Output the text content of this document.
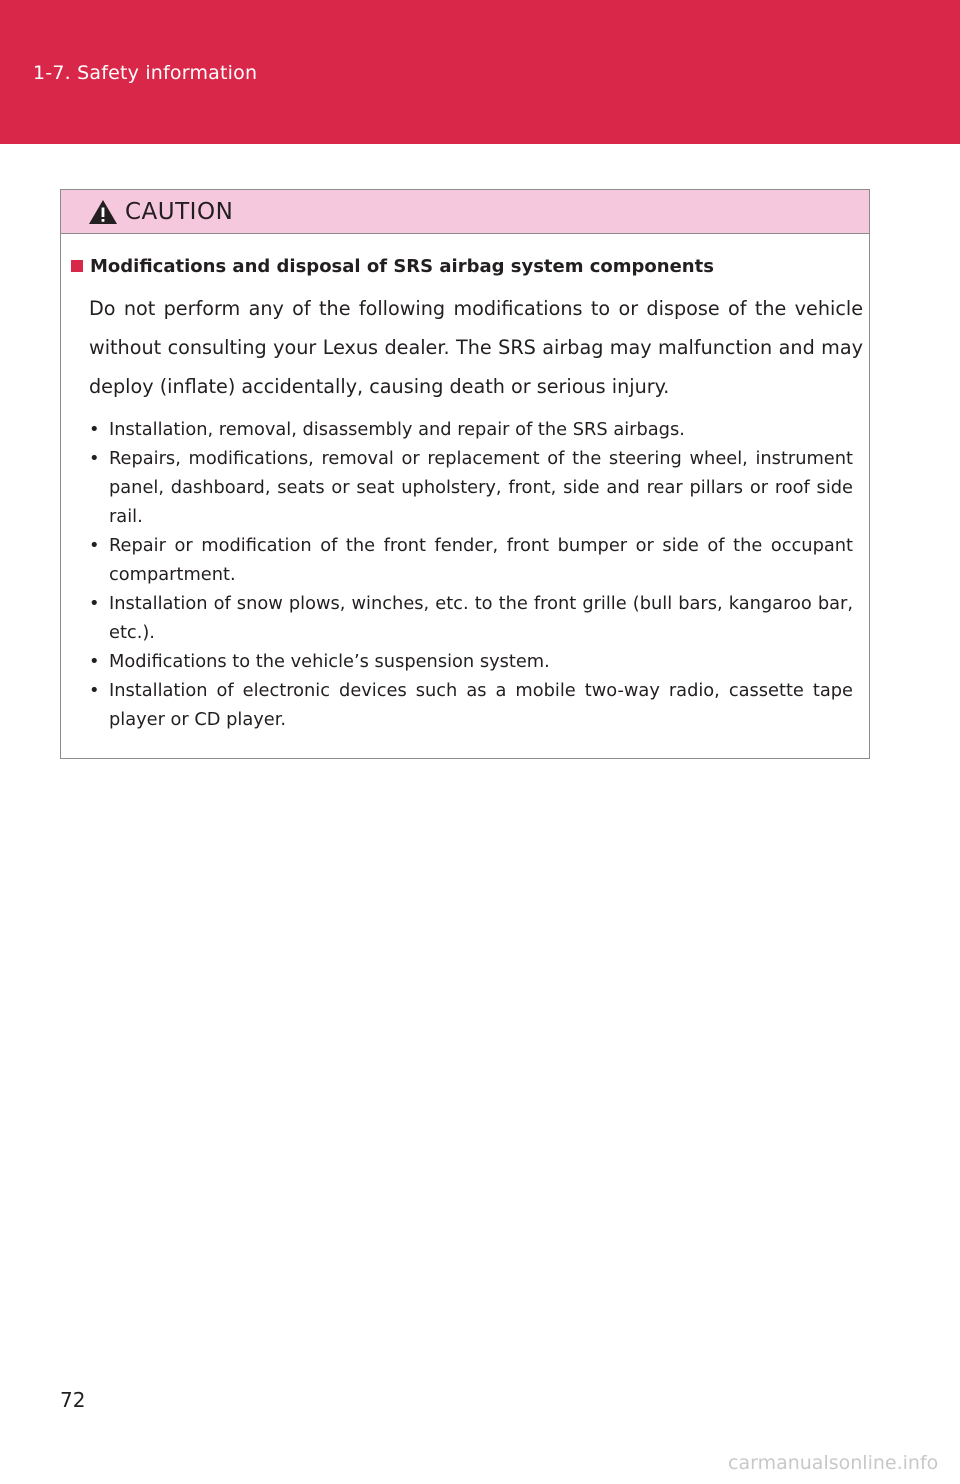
1-7. Safety information
CAUTION
Modifications and disposal of SRS airbag system components

Do not perform any of the following modifications to or dispose of the vehicle without consulting your Lexus dealer. The SRS airbag may malfunction and may deploy (inflate) accidentally, causing death or serious injury.

• Installation, removal, disassembly and repair of the SRS airbags.
• Repairs, modifications, removal or replacement of the steering wheel, instrument panel, dashboard, seats or seat upholstery, front, side and rear pillars or roof side rail.
• Repair or modification of the front fender, front bumper or side of the occupant compartment.
• Installation of snow plows, winches, etc. to the front grille (bull bars, kangaroo bar, etc.).
• Modifications to the vehicle’s suspension system.
• Installation of electronic devices such as a mobile two-way radio, cassette tape player or CD player.
72
carmanualsonline.info
